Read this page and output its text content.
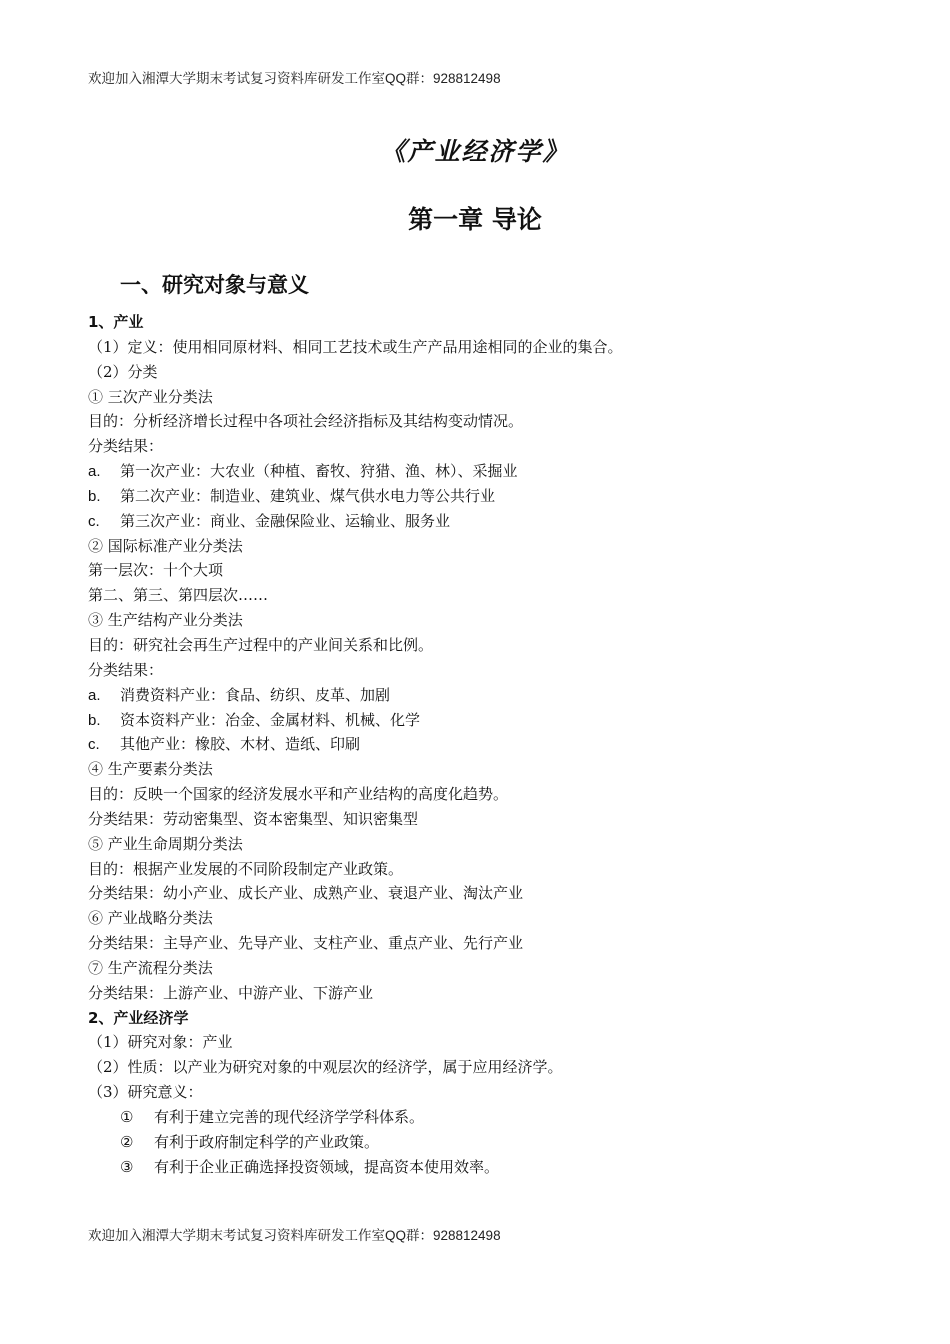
欢迎加入湘潭大学期末考试复习资料库研发工作室QQ群：928812498
《产业经济学》
第一章 导论
一、研究对象与意义
1、产业
（1）定义：使用相同原材料、相同工艺技术或生产产品用途相同的企业的集合。
（2）分类
① 三次产业分类法
目的：分析经济增长过程中各项社会经济指标及其结构变动情况。
分类结果：
a. 第一次产业：大农业（种植、畜牧、狩猎、渔、林）、采掘业
b. 第二次产业：制造业、建筑业、煤气供水电力等公共行业
c. 第三次产业：商业、金融保险业、运输业、服务业
② 国际标准产业分类法
第一层次：十个大项
第二、第三、第四层次……
③ 生产结构产业分类法
目的：研究社会再生产过程中的产业间关系和比例。
分类结果：
a. 消费资料产业：食品、纺织、皮革、加剧
b. 资本资料产业：冶金、金属材料、机械、化学
c. 其他产业：橡胶、木材、造纸、印刷
④ 生产要素分类法
目的：反映一个国家的经济发展水平和产业结构的高度化趋势。
分类结果：劳动密集型、资本密集型、知识密集型
⑤ 产业生命周期分类法
目的：根据产业发展的不同阶段制定产业政策。
分类结果：幼小产业、成长产业、成熟产业、衰退产业、淘汰产业
⑥ 产业战略分类法
分类结果：主导产业、先导产业、支柱产业、重点产业、先行产业
⑦ 生产流程分类法
分类结果：上游产业、中游产业、下游产业
2、产业经济学
（1）研究对象：产业
（2）性质：以产业为研究对象的中观层次的经济学，属于应用经济学。
（3）研究意义：
① 有利于建立完善的现代经济学学科体系。
② 有利于政府制定科学的产业政策。
③ 有利于企业正确选择投资领域，提高资本使用效率。
欢迎加入湘潭大学期末考试复习资料库研发工作室QQ群：928812498
